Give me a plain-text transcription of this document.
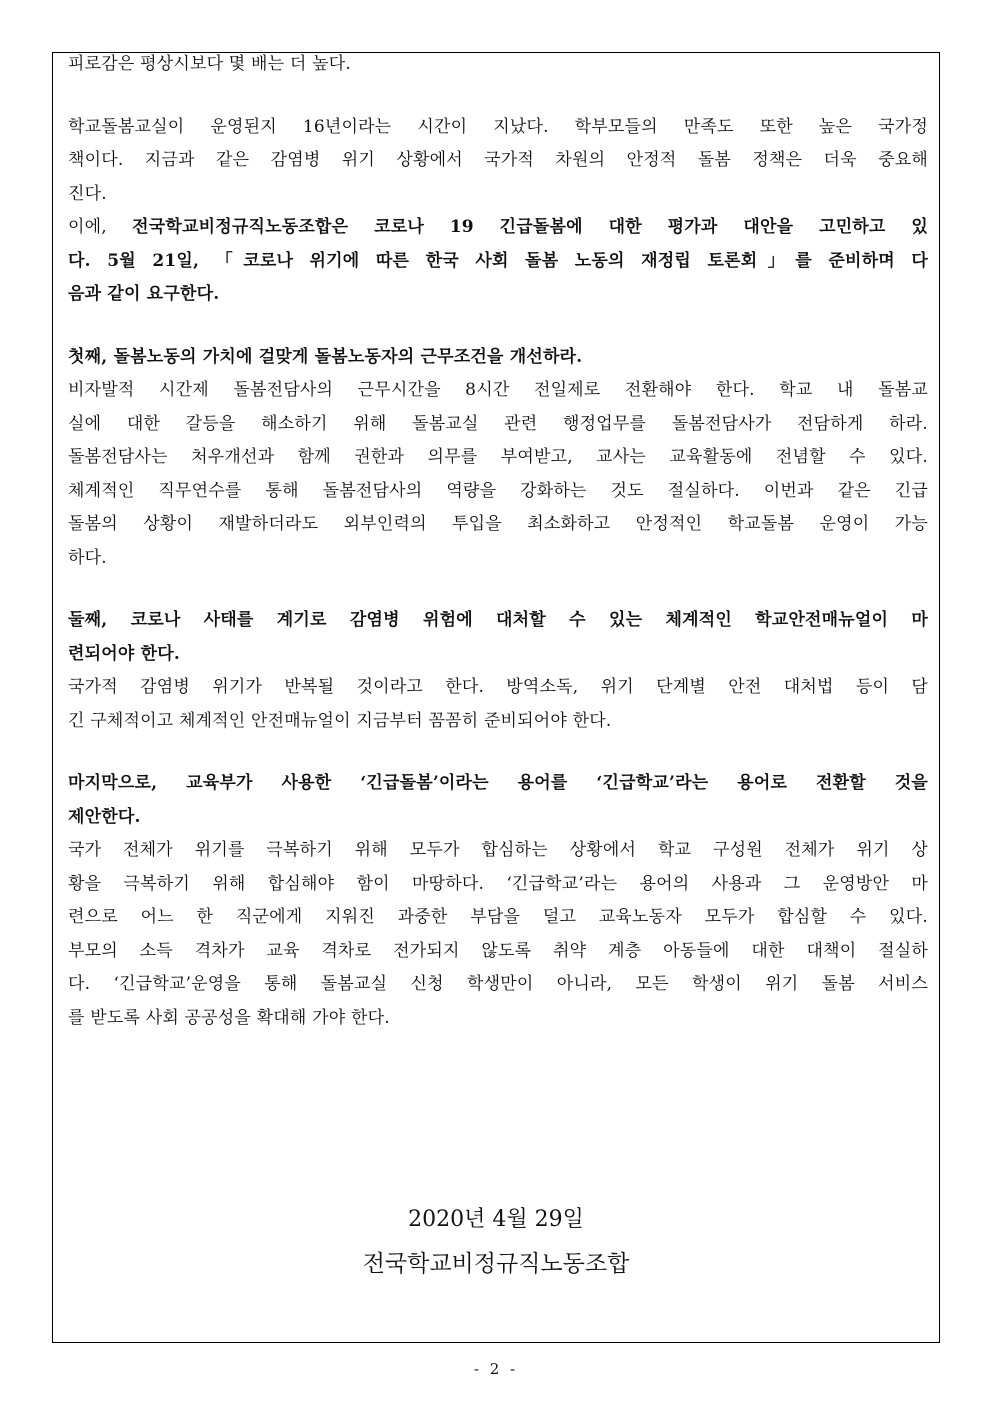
피로감은 평상시보다 몇 배는 더 높다.
학교돌봄교실이 운영된지 16년이라는 시간이 지났다. 학부모들의 만족도 또한 높은 국가정
책이다. 지금과 같은 감염병 위기 상황에서 국가적 차원의 안정적 돌봄 정책은 더욱 중요해
진다.
이에, 전국학교비정규직노동조합은 코로나 19 긴급돌봄에 대한 평가과 대안을 고민하고 있
다. 5월 21일, 「코로나 위기에 따른 한국 사회 돌봄 노동의 재정립 토론회」를 준비하며 다
음과 같이 요구한다.
첫째, 돌봄노동의 가치에 걸맞게 돌봄노동자의 근무조건을 개선하라.
비자발적 시간제 돌봄전담사의 근무시간을 8시간 전일제로 전환해야 한다. 학교 내 돌봄교
실에 대한 갈등을 해소하기 위해 돌봄교실 관련 행정업무를 돌봄전담사가 전담하게 하라.
돌봄전담사는 처우개선과 함께 권한과 의무를 부여받고, 교사는 교육활동에 전념할 수 있다.
체계적인 직무연수를 통해 돌봄전담사의 역량을 강화하는 것도 절실하다. 이번과 같은 긴급
돌봄의 상황이 재발하더라도 외부인력의 투입을 최소화하고 안정적인 학교돌봄 운영이 가능
하다.
둘째, 코로나 사태를 계기로 감염병 위험에 대처할 수 있는 체계적인 학교안전매뉴얼이 마
련되어야 한다.
국가적 감염병 위기가 반복될 것이라고 한다. 방역소독, 위기 단계별 안전 대처법 등이 담
긴 구체적이고 체계적인 안전매뉴얼이 지금부터 꼼꼼히 준비되어야 한다.
마지막으로, 교육부가 사용한 ‘긴급돌봄’이라는 용어를 ‘긴급학교’라는 용어로 전환할 것을
제안한다.
국가 전체가 위기를 극복하기 위해 모두가 합심하는 상황에서 학교 구성원 전체가 위기 상
황을 극복하기 위해 합심해야 함이 마땅하다. ‘긴급학교’라는 용어의 사용과 그 운영방안 마
련으로 어느 한 직군에게 지워진 과중한 부담을 덜고 교육노동자 모두가 합심할 수 있다.
부모의 소득 격차가 교육 격차로 전가되지 않도록 취약 계층 아동들에 대한 대책이 절실하
다. ‘긴급학교’운영을 통해 돌봄교실 신청 학생만이 아니라, 모든 학생이 위기 돌봄 서비스
를 받도록 사회 공공성을 확대해 가야 한다.
2020년 4월 29일
전국학교비정규직노동조합
- 2 -
